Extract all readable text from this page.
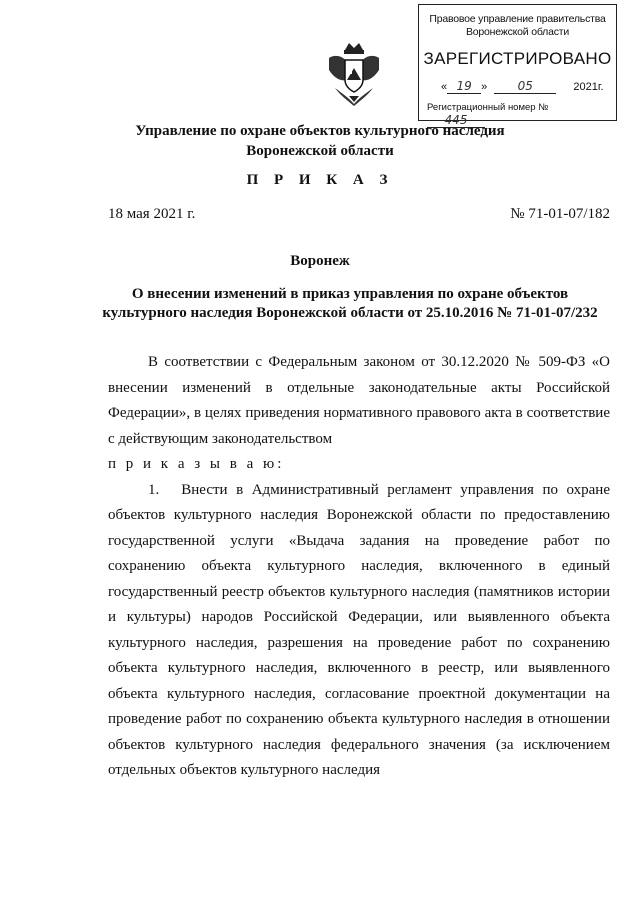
Правовое управление правительства
Воронежской области
ЗАРЕГИСТРИРОВАНО
« 19 »	05	2021г.
Регистрационный номер № 445
Управление по охране объектов культурного наследия
Воронежской области
П Р И К А З
18 мая 2021 г.	№ 71-01-07/182
Воронеж
О внесении изменений в приказ управления по охране объектов
культурного наследия Воронежской области от 25.10.2016 № 71-01-07/232

В соответствии с Федеральным законом от 30.12.2020 № 509-ФЗ «О внесении изменений в отдельные законодательные акты Российской Федерации», в целях приведения нормативного правового акта в соответствие с действующим законодательством

п р и к а з ы в а ю:

1. Внести в Административный регламент управления по охране объектов культурного наследия Воронежской области по предоставлению государственной услуги «Выдача задания на проведение работ по сохранению объекта культурного наследия, включенного в единый государственный реестр объектов культурного наследия (памятников истории и культуры) народов Российской Федерации, или выявленного объекта культурного наследия, разрешения на проведение работ по сохранению объекта культурного наследия, включенного в реестр, или выявленного объекта культурного наследия, согласование проектной документации на проведение работ по сохранению объекта культурного наследия в отношении объектов культурного наследия федерального значения (за исключением отдельных объектов культурного наследия
